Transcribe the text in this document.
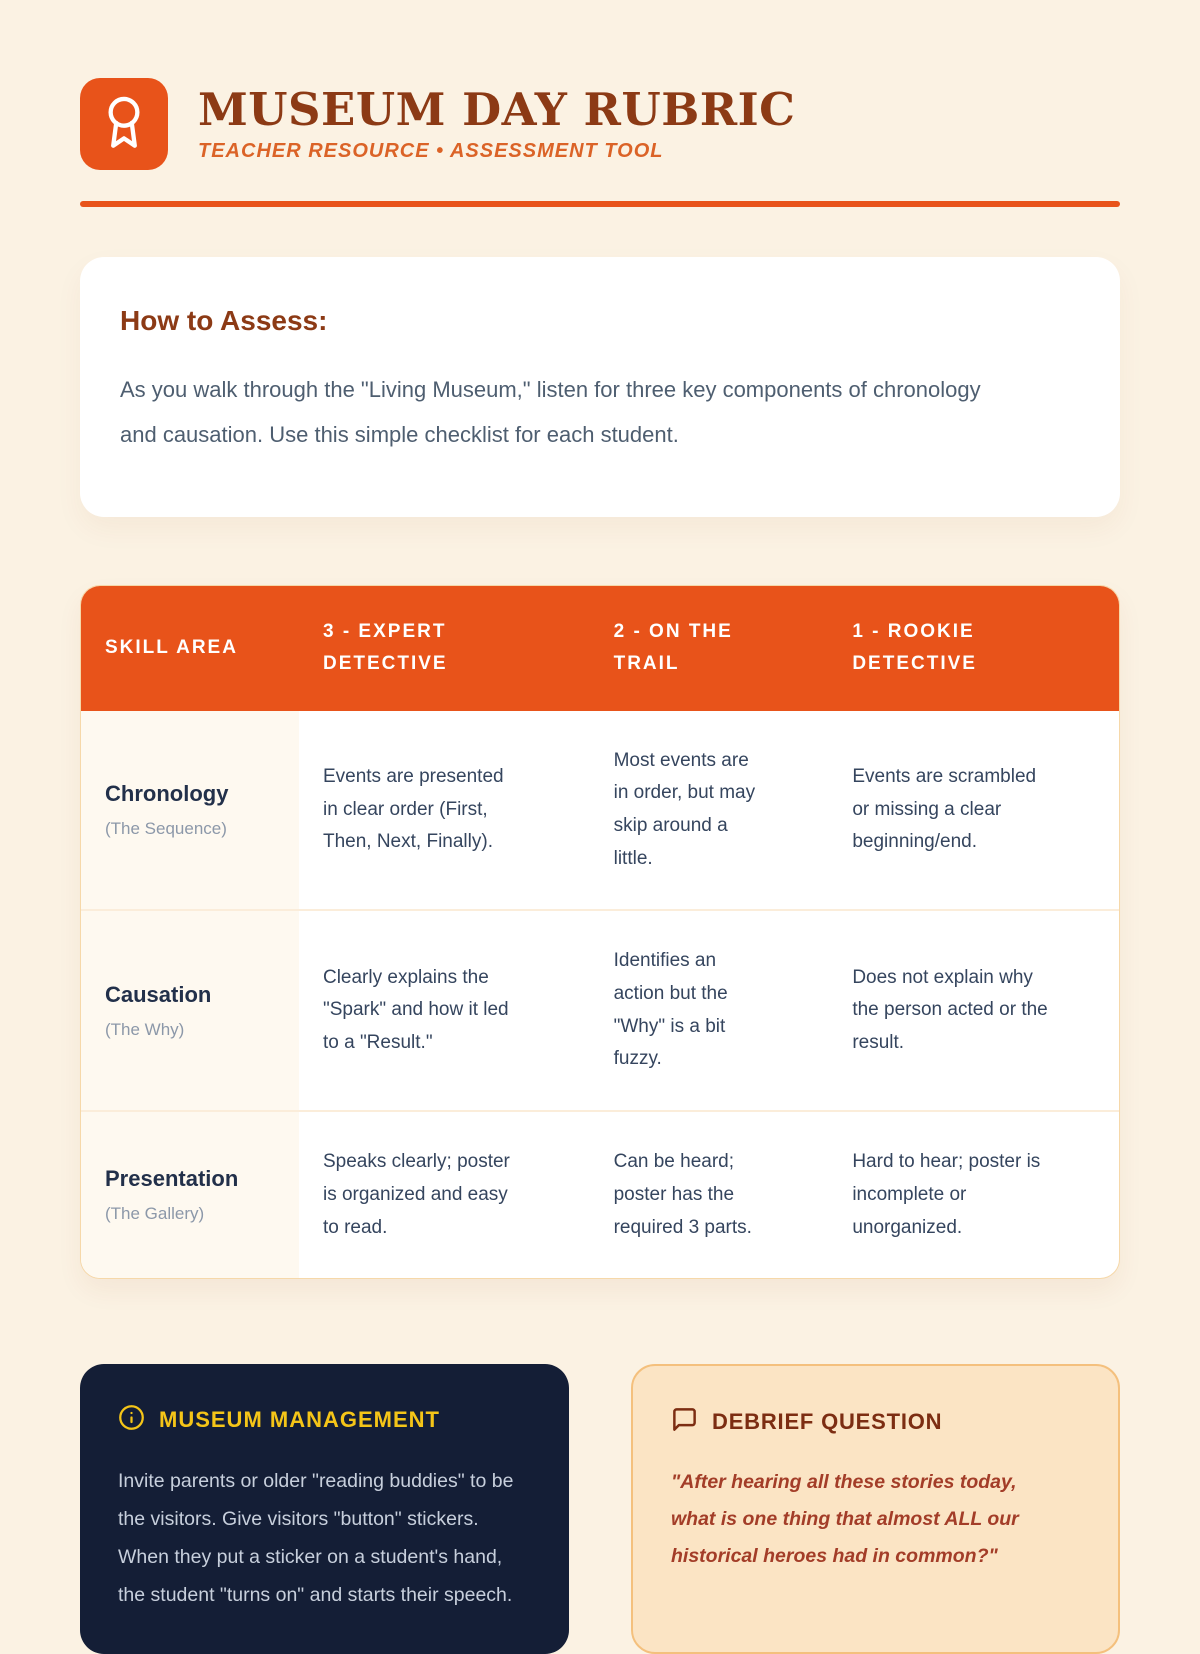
MUSEUM DAY RUBRIC
TEACHER RESOURCE • ASSESSMENT TOOL
How to Assess:

As you walk through the "Living Museum," listen for three key components of chronology and causation. Use this simple checklist for each student.

SKILL AREA	3 - EXPERT DETECTIVE	2 - ON THE TRAIL	1 - ROOKIE DETECTIVE

Chronology
(The Sequence)	Events are presented in clear order (First, Then, Next, Finally).	Most events are in order, but may skip around a little.	Events are scrambled or missing a clear beginning/end.

Causation
(The Why)	Clearly explains the "Spark" and how it led to a "Result."	Identifies an action but the "Why" is a bit fuzzy.	Does not explain why the person acted or the result.

Presentation
(The Gallery)	Speaks clearly; poster is organized and easy to read.	Can be heard; poster has the required 3 parts.	Hard to hear; poster is incomplete or unorganized.
MUSEUM MANAGEMENT

Invite parents or older "reading buddies" to be the visitors. Give visitors "button" stickers. When they put a sticker on a student's hand, the student "turns on" and starts their speech.

DEBRIEF QUESTION

"After hearing all these stories today, what is one thing that almost ALL our historical heroes had in common?"
